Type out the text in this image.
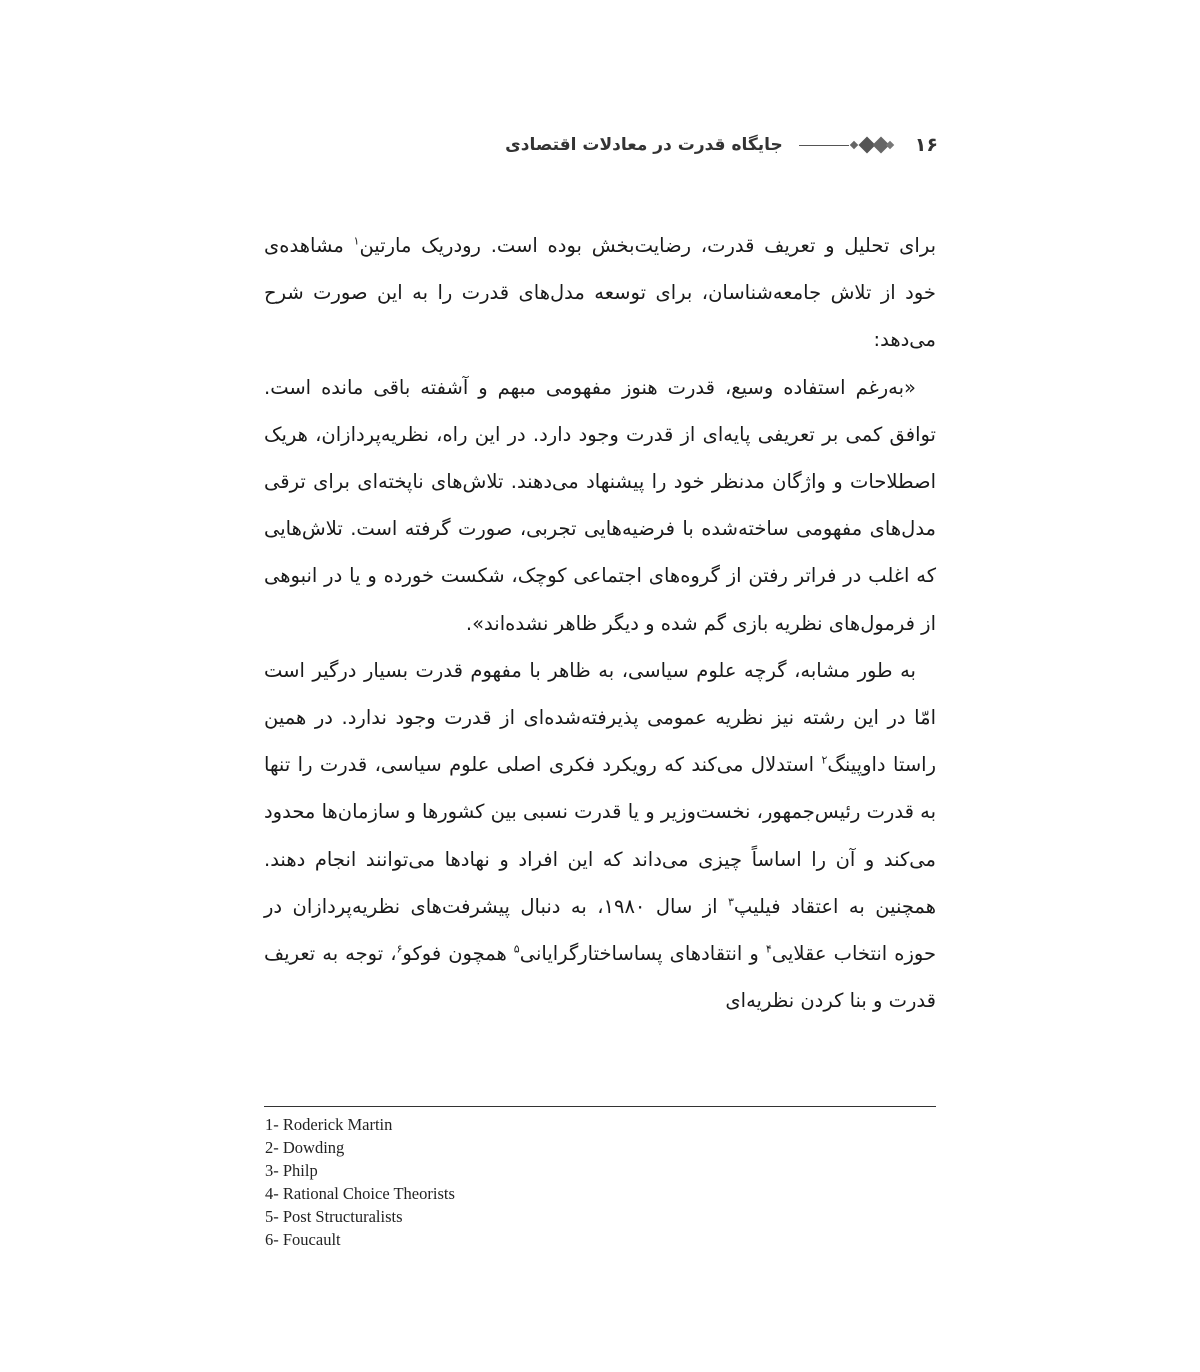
۱۶
جایگاه قدرت در معادلات اقتصادی

برای تحلیل و تعریف قدرت، رضایت‌بخش بوده است. رودریک مارتین$^۱$ مشاهده‌ی خود از تلاش جامعه‌شناسان، برای توسعه مدل‌های قدرت را به این صورت شرح می‌دهد:

«به‌رغم استفاده وسیع، قدرت هنوز مفهومی مبهم و آشفته باقی مانده است. توافق کمی بر تعریفی پایه‌ای از قدرت وجود دارد. در این راه، نظریه‌پردازان، هریک اصطلاحات و واژگان مدنظر خود را پیشنهاد می‌دهند. تلاش‌های ناپخته‌ای برای ترقی مدل‌های مفهومی ساخته‌شده با فرضیه‌هایی تجربی، صورت گرفته است. تلاش‌هایی که اغلب در فراتر رفتن از گروه‌های اجتماعی کوچک، شکست خورده و یا در انبوهی از فرمول‌های نظریه بازی گم شده و دیگر ظاهر نشده‌اند».

به طور مشابه، گرچه علوم سیاسی، به ظاهر با مفهوم قدرت بسیار درگیر است امّا در این رشته نیز نظریه عمومی پذیرفته‌شده‌ای از قدرت وجود ندارد. در همین راستا داوپینگ$^۲$ استدلال می‌کند که رویکرد فکری اصلی علوم سیاسی، قدرت را تنها به قدرت رئیس‌جمهور، نخست‌وزیر و یا قدرت نسبی بین کشورها و سازمان‌ها محدود می‌کند و آن را اساساً چیزی می‌داند که این افراد و نهادها می‌توانند انجام دهند. همچنین به اعتقاد فیلیپ$^۳$ از سال ۱۹۸۰، به دنبال پیشرفت‌های نظریه‌پردازان در حوزه انتخاب عقلایی$^۴$ و انتقادهای پساساختارگرایانی$^۵$ همچون فوکو$^۶$، توجه به تعریف قدرت و بنا کردن نظریه‌ای

1- Roderick Martin
2- Dowding
3- Philp
4- Rational Choice Theorists
5- Post Structuralists
6- Foucault
